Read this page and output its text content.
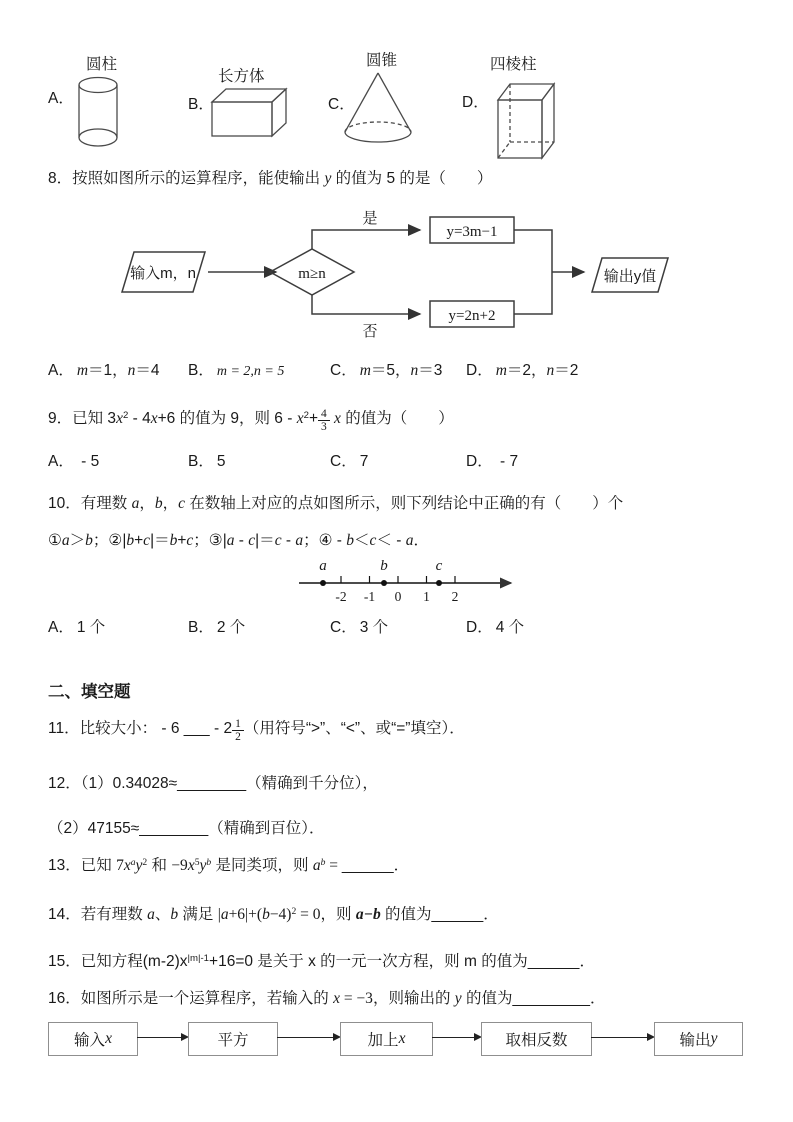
A．
圆柱
B．
长方体
C．
圆锥
D．
四棱柱
8．按照如图所示的运算程序，能使输出 y 的值为 5 的是（　　）
输入m，n	m≥n
是
y=3m−1
否
y=2n+2
输出y值
A． m＝1，n＝4 B． m = 2,n = 5	C． m＝5，n＝3 D． m＝2，n＝2
9．已知 $3x^2 - 4x+6$ 的值为 9，则 $6 - x^2+ \frac{4}{3}$ x 的值为（　　）
A． - 5	B． 5	C． 7	D． - 7
10．有理数 a，b，c 在数轴上对应的点如图所示，则下列结论中正确的有（　　）个
①a＞b；②|b+c|＝b+c；③|a - c|＝c - a；④ - b＜c＜ - a．
-2 -1 0 1 2
a	b	c
A． 1 个	B． 2 个	C． 3 个	D． 4 个
二、填空题
11．比较大小： - 6 ___ - $2 \frac{1}{2}$ （用符号“>”、“<”、或“=”填空）．
12．（1）0.34028≈________（精确到千分位），
（2）47155≈________（精确到百位）．
13．已知 $7x^ay^2$ 和 $-9x^5y^b$ 是同类项，则 $a^b$ = ______．
14．若有理数 a、b 满足 $|a+6|+(b-4)^2 = 0$，则 a−b 的值为______．
15．已知方程$(m-2)x^{|m|-1}+16=0$ 是关于 x 的一元一次方程，则 m 的值为______．
16．如图所示是一个运算程序，若输入的 x = −3，则输出的 y 的值为_________．
输入 x	平方	加上 x	取相反数	输出 y
